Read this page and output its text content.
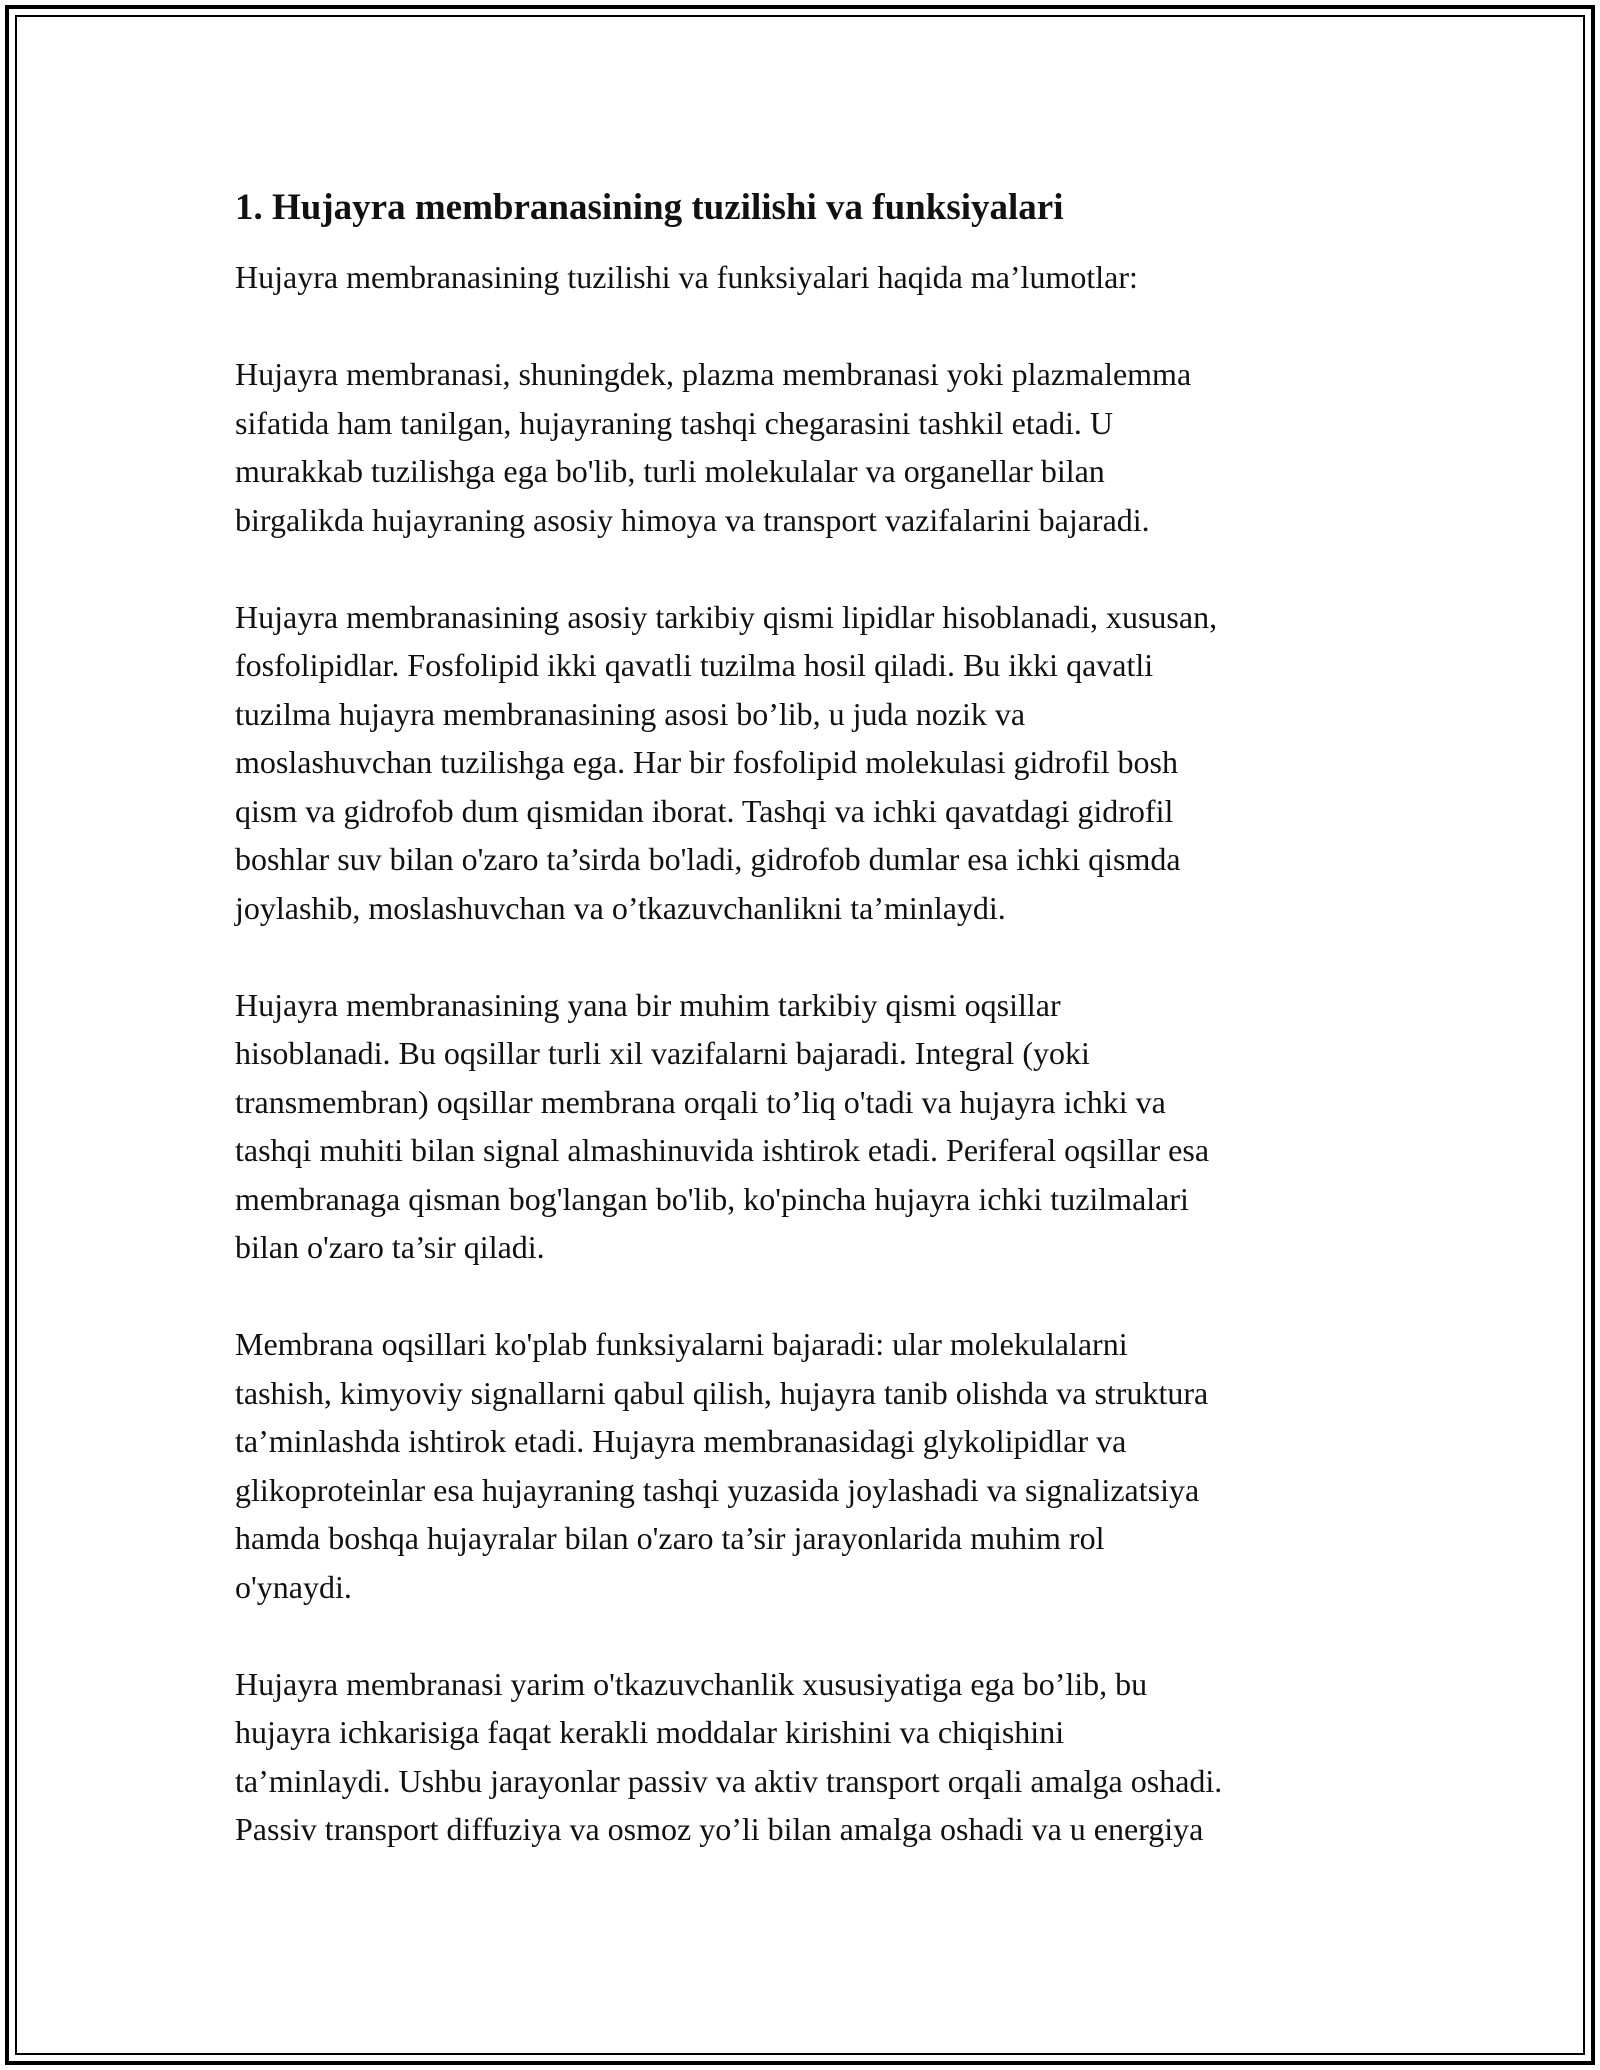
1. Hujayra membranasining tuzilishi va funksiyalari

Hujayra membranasining tuzilishi va funksiyalari haqida ma’lumotlar:

Hujayra membranasi, shuningdek, plazma membranasi yoki plazmalemma
sifatida ham tanilgan, hujayraning tashqi chegarasini tashkil etadi. U
murakkab tuzilishga ega bo'lib, turli molekulalar va organellar bilan
birgalikda hujayraning asosiy himoya va transport vazifalarini bajaradi.

Hujayra membranasining asosiy tarkibiy qismi lipidlar hisoblanadi, xususan,
fosfolipidlar. Fosfolipid ikki qavatli tuzilma hosil qiladi. Bu ikki qavatli
tuzilma hujayra membranasining asosi bo’lib, u juda nozik va
moslashuvchan tuzilishga ega. Har bir fosfolipid molekulasi gidrofil bosh
qism va gidrofob dum qismidan iborat. Tashqi va ichki qavatdagi gidrofil
boshlar suv bilan o'zaro ta’sirda bo'ladi, gidrofob dumlar esa ichki qismda
joylashib, moslashuvchan va o’tkazuvchanlikni ta’minlaydi.

Hujayra membranasining yana bir muhim tarkibiy qismi oqsillar
hisoblanadi. Bu oqsillar turli xil vazifalarni bajaradi. Integral (yoki
transmembran) oqsillar membrana orqali to’liq o'tadi va hujayra ichki va
tashqi muhiti bilan signal almashinuvida ishtirok etadi. Periferal oqsillar esa
membranaga qisman bog'langan bo'lib, ko'pincha hujayra ichki tuzilmalari
bilan o'zaro ta’sir qiladi.

Membrana oqsillari ko'plab funksiyalarni bajaradi: ular molekulalarni
tashish, kimyoviy signallarni qabul qilish, hujayra tanib olishda va struktura
ta’minlashda ishtirok etadi. Hujayra membranasidagi glykolipidlar va
glikoproteinlar esa hujayraning tashqi yuzasida joylashadi va signalizatsiya
hamda boshqa hujayralar bilan o'zaro ta’sir jarayonlarida muhim rol
o'ynaydi.

Hujayra membranasi yarim o'tkazuvchanlik xususiyatiga ega bo’lib, bu
hujayra ichkarisiga faqat kerakli moddalar kirishini va chiqishini
ta’minlaydi. Ushbu jarayonlar passiv va aktiv transport orqali amalga oshadi.
Passiv transport diffuziya va osmoz yo’li bilan amalga oshadi va u energiya
